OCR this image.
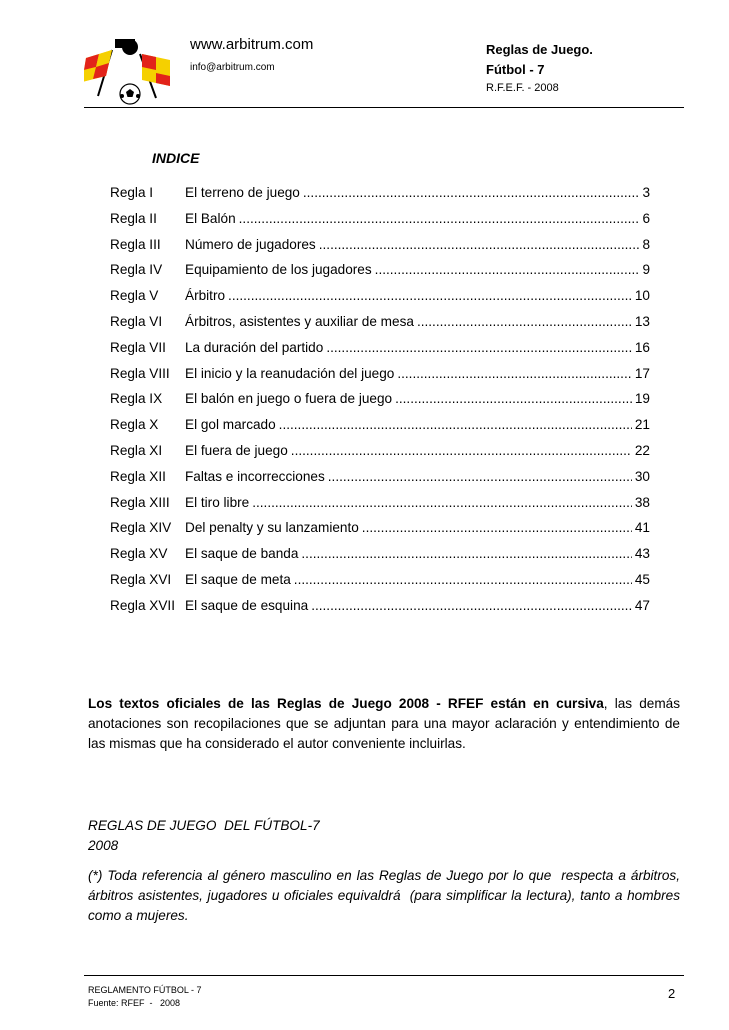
www.arbitrum.com
info@arbitrum.com
Reglas de Juego.
Fútbol - 7
R.F.E.F. - 2008
INDICE
Regla I	El terreno de juego .....	3
Regla II	El Balón .....	6
Regla III	Número de jugadores .....	8
Regla IV	Equipamiento de los jugadores .....	9
Regla V	Árbitro .....	10
Regla VI	Árbitros, asistentes y auxiliar de mesa .....	13
Regla VII	La duración del partido .....	16
Regla VIII	El inicio y la reanudación del juego .....	17
Regla IX	El balón en juego o fuera de juego .....	19
Regla X	El gol marcado .....	21
Regla XI	El fuera de juego .....	22
Regla XII	Faltas e incorrecciones .....	30
Regla XIII	El tiro libre .....	38
Regla XIV	Del penalty y su lanzamiento .....	41
Regla XV	El saque de banda .....	43
Regla XVI	El saque de meta .....	45
Regla XVII El saque de esquina .....	47
Los textos oficiales de las Reglas de Juego 2008 - RFEF están en cursiva, las demás anotaciones son recopilaciones que se adjuntan para una mayor aclaración y entendimiento de las mismas que ha considerado el autor conveniente incluirlas.
REGLAS DE JUEGO  DEL FÚTBOL-7
2008
(*) Toda referencia al género masculino en las Reglas de Juego por lo que  respecta a árbitros, árbitros asistentes, jugadores u oficiales equivaldrá  (para simplificar la lectura), tanto a hombres como a mujeres.
REGLAMENTO FÚTBOL - 7
Fuente: RFEF  -   2008
2
